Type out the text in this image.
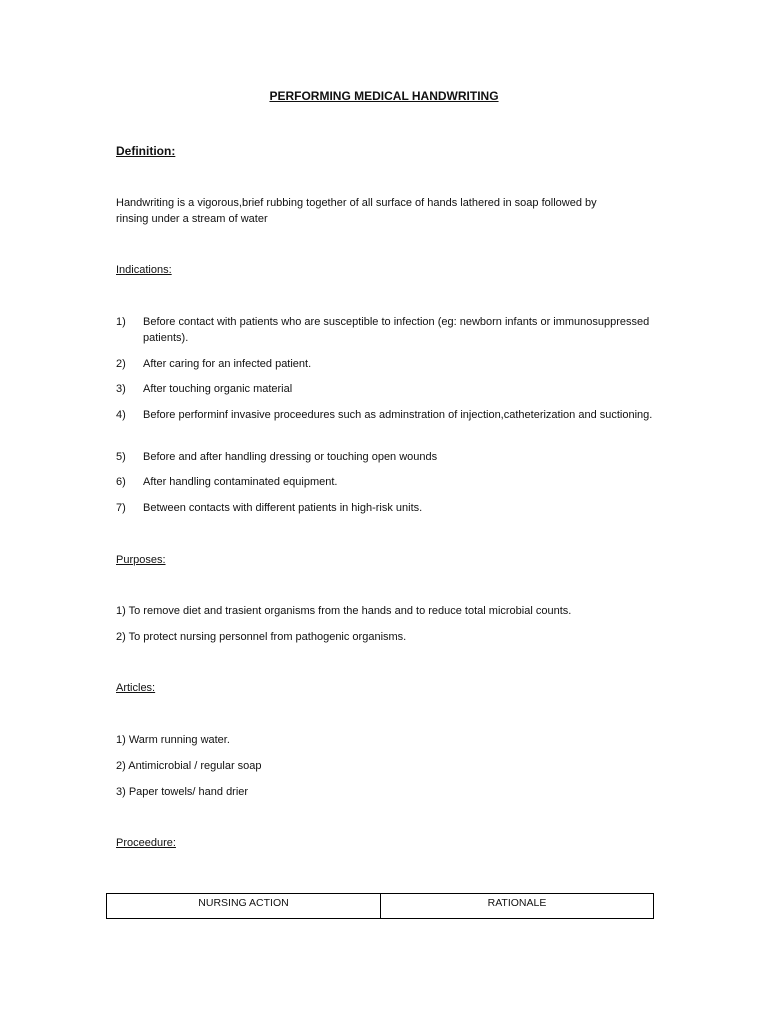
PERFORMING MEDICAL HANDWRITING
Definition:
Handwriting is a vigorous,brief rubbing together of all surface of hands lathered in soap followed by
rinsing under a stream of water
Indications:
1)	Before contact with patients who are susceptible to infection (eg: newborn infants or immunosuppressed patients).
2)	After caring for an infected patient.
3)	After touching organic material
4)	Before performinf invasive proceedures such as adminstration of injection,catheterization and suctioning.
5)	Before and after handling dressing or touching open wounds
6)	After handling contaminated equipment.
7)	Between contacts with different patients in high-risk units.
Purposes:
1) To remove diet and trasient organisms from the hands and to reduce total microbial counts.
2) To protect nursing personnel from pathogenic organisms.
Articles:
1) Warm running water.
2) Antimicrobial / regular soap
3) Paper towels/ hand drier
Proceedure:
NURSING ACTION	RATIONALE
